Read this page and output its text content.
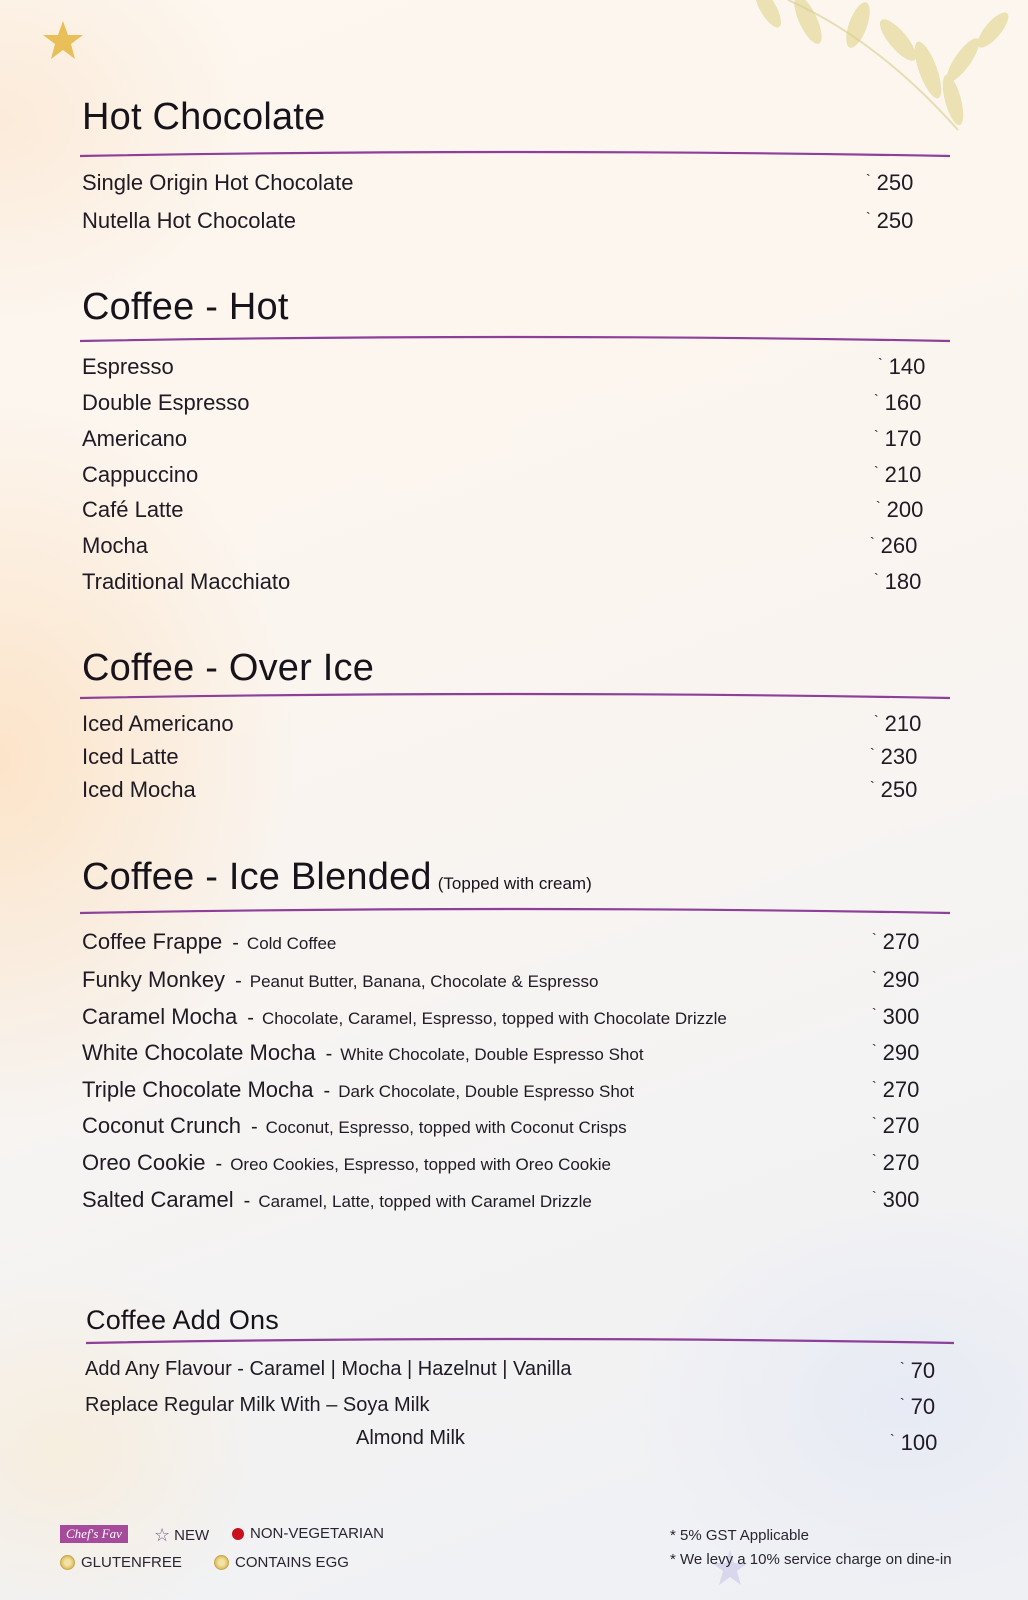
Hot Chocolate
Single Origin Hot Chocolate	` 250
Nutella Hot Chocolate	` 250
Coffee - Hot
Espresso	` 140
Double Espresso	` 160
Americano	` 170
Cappuccino	` 210
Café Latte	` 200
Mocha	` 260
Traditional Macchiato	` 180
Coffee - Over Ice
Iced Americano	` 210
Iced Latte	` 230
Iced Mocha	` 250
Coffee - Ice Blended (Topped with cream)
Coffee Frappe - Cold Coffee	` 270
Funky Monkey - Peanut Butter, Banana, Chocolate & Espresso	` 290
Caramel Mocha - Chocolate, Caramel, Espresso, topped with Chocolate Drizzle	` 300
White Chocolate Mocha - White Chocolate, Double Espresso Shot	` 290
Triple Chocolate Mocha - Dark Chocolate, Double Espresso Shot	` 270
Coconut Crunch - Coconut, Espresso, topped with Coconut Crisps	` 270
Oreo Cookie - Oreo Cookies, Espresso, topped with Oreo Cookie	` 270
Salted Caramel - Caramel, Latte, topped with Caramel Drizzle	` 300
Coffee Add Ons
Add Any Flavour - Caramel | Mocha | Hazelnut | Vanilla	` 70
Replace Regular Milk With – Soya Milk	` 70
Almond Milk	` 100
Chef's Fav	☆ NEW	NON-VEGETARIAN
GLUTENFREE	CONTAINS EGG
* 5% GST Applicable
* We levy a 10% service charge on dine-in
